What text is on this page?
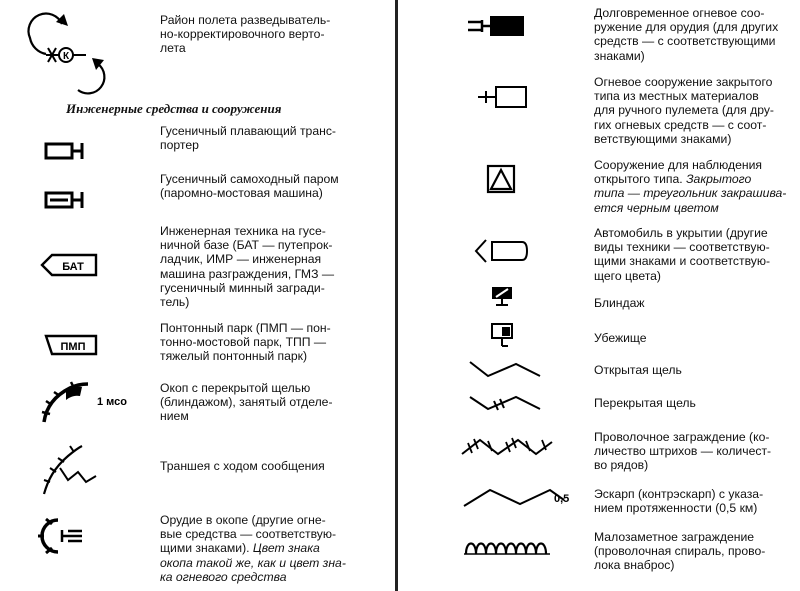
Инженерные средства и сооружения
К
БАТ
ПМП
1 мсо
Район полета разведыватель-
но-корректировочного верто-
лета
Гусеничный плавающий транс-
портер
Гусеничный самоходный паром
(паромно-мостовая машина)
Инженерная техника на гусе-
ничной базе (БАТ — путепрок-
ладчик, ИМР — инженерная
машина разграждения, ГМЗ —
гусеничный минный загради-
тель)
Понтонный парк (ПМП — пон-
тонно-мостовой парк, ТПП —
тяжелый понтонный парк)
Окоп с перекрытой щелью
(блиндажом), занятый отделе-
нием
Траншея с ходом сообщения
Орудие в окопе (другие огне-
вые средства — соответствую-
щими знаками). Цвет знака
окопа такой же, как и цвет зна-
ка огневого средства
0,5
Долговременное огневое соо-
ружение для орудия (для других
средств — с соответствующими
знаками)
Огневое сооружение закрытого
типа из местных материалов
для ручного пулемета (для дру-
гих огневых средств — с соот-
ветствующими знаками)
Сооружение для наблюдения
открытого типа. Закрытого
типа — треугольник закрашива-
ется черным цветом
Автомобиль в укрытии (другие
виды техники — соответствую-
щими знаками и соответствую-
щего цвета)
Блиндаж
Убежище
Открытая щель
Перекрытая щель
Проволочное заграждение (ко-
личество штрихов — количест-
во рядов)
Эскарп (контрэскарп) с указа-
нием протяженности (0,5 км)
Малозаметное заграждение
(проволочная спираль, прово-
лока внаброс)
